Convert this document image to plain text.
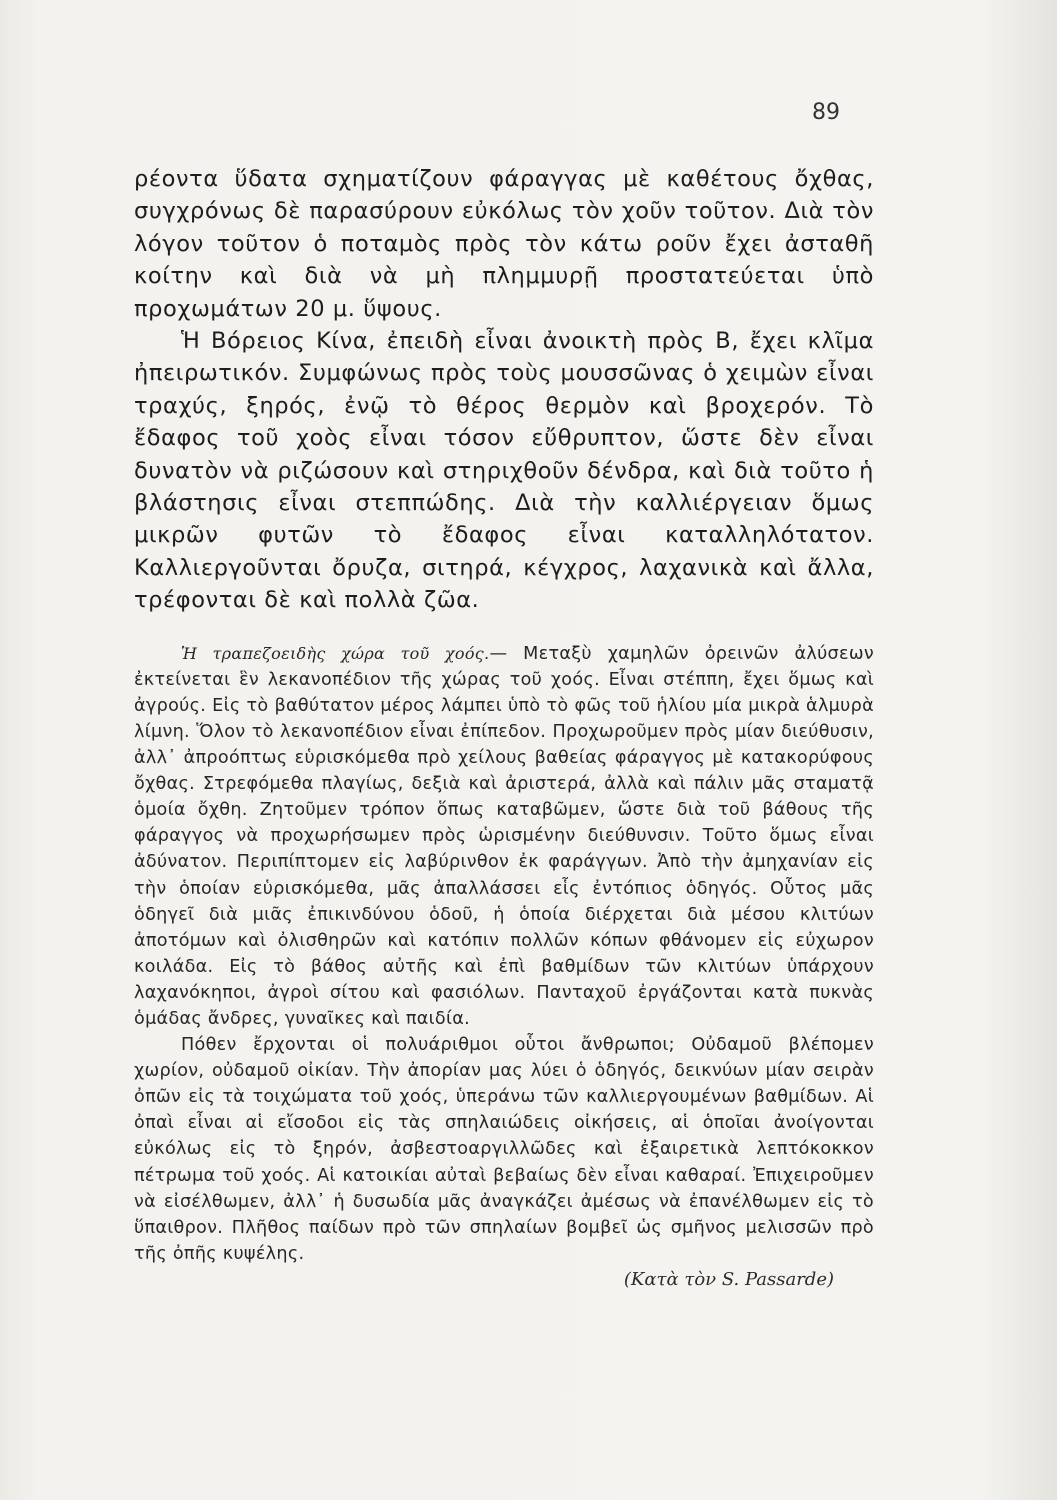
89

ρέοντα ὕδατα σχηματίζουν φάραγγας μὲ καθέτους ὄχθας, συγχρόνως δὲ παρασύρουν εὐκόλως τὸν χοῦν τοῦτον. Διὰ τὸν λόγον τοῦτον ὁ ποταμὸς πρὸς τὸν κάτω ροῦν ἔχει ἀσταθῆ κοίτην καὶ διὰ νὰ μὴ πλημμυρῇ προστατεύεται ὑπὸ προχωμάτων 20 μ. ὕψους.

Ἡ Βόρειος Κίνα, ἐπειδὴ εἶναι ἀνοικτὴ πρὸς Β, ἔχει κλῖμα ἠπειρωτικόν. Συμφώνως πρὸς τοὺς μουσσῶνας ὁ χειμὼν εἶναι τραχύς, ξηρός, ἐνῷ τὸ θέρος θερμὸν καὶ βροχερόν. Τὸ ἔδαφος τοῦ χοὸς εἶναι τόσον εὔθρυπτον, ὥστε δὲν εἶναι δυνατὸν νὰ ριζώσουν καὶ στηριχθοῦν δένδρα, καὶ διὰ τοῦτο ἡ βλάστησις εἶναι στεππώδης. Διὰ τὴν καλλιέργειαν ὅμως μικρῶν φυτῶν τὸ ἔδαφος εἶναι καταλληλότατον. Καλλιεργοῦνται ὄρυζα, σιτηρά, κέγχρος, λαχανικὰ καὶ ἄλλα, τρέφονται δὲ καὶ πολλὰ ζῶα.

Ἡ τραπεζοειδὴς χώρα τοῦ χοός.— Μεταξὺ χαμηλῶν ὀρεινῶν ἀλύσεων ἐκτείνεται ἓν λεκανοπέδιον τῆς χώρας τοῦ χοός. Εἶναι στέππη, ἔχει ὅμως καὶ ἀγρούς. Εἰς τὸ βαθύτατον μέρος λάμπει ὑπὸ τὸ φῶς τοῦ ἡλίου μία μικρὰ ἁλμυρὰ λίμνη. Ὅλον τὸ λεκανοπέδιον εἶναι ἐπίπεδον. Προχωροῦμεν πρὸς μίαν διεύθυσιν, ἀλλ᾽ ἀπροόπτως εὑρισκόμεθα πρὸ χείλους βαθείας φάραγγος μὲ κατακορύφους ὄχθας. Στρεφόμεθα πλαγίως, δεξιὰ καὶ ἀριστερά, ἀλλὰ καὶ πάλιν μᾶς σταματᾷ ὁμοία ὄχθη. Ζητοῦμεν τρόπον ὅπως καταβῶμεν, ὥστε διὰ τοῦ βάθους τῆς φάραγγος νὰ προχωρήσωμεν πρὸς ὡρισμένην διεύθυνσιν. Τοῦτο ὅμως εἶναι ἀδύνατον. Περιπίπτομεν εἰς λαβύρινθον ἐκ φαράγγων. Ἀπὸ τὴν ἀμηχανίαν εἰς τὴν ὁποίαν εὑρισκόμεθα, μᾶς ἀπαλλάσσει εἷς ἐντόπιος ὁδηγός. Οὗτος μᾶς ὁδηγεῖ διὰ μιᾶς ἐπικινδύνου ὁδοῦ, ἡ ὁποία διέρχεται διὰ μέσου κλιτύων ἀποτόμων καὶ ὀλισθηρῶν καὶ κατόπιν πολλῶν κόπων φθάνομεν εἰς εὐχωρον κοιλάδα. Εἰς τὸ βάθος αὐτῆς καὶ ἐπὶ βαθμίδων τῶν κλιτύων ὑπάρχουν λαχανόκηποι, ἀγροὶ σίτου καὶ φασιόλων. Πανταχοῦ ἐργάζονται κατὰ πυκνὰς ὁμάδας ἄνδρες, γυναῖκες καὶ παιδία.

Πόθεν ἔρχονται οἱ πολυάριθμοι οὗτοι ἄνθρωποι; Οὐδαμοῦ βλέπομεν χωρίον, οὐδαμοῦ οἰκίαν. Τὴν ἀπορίαν μας λύει ὁ ὁδηγός, δεικνύων μίαν σειρὰν ὀπῶν εἰς τὰ τοιχώματα τοῦ χοός, ὑπεράνω τῶν καλλιεργουμένων βαθμίδων. Αἱ ὀπαὶ εἶναι αἱ εἴσοδοι εἰς τὰς σπηλαιώδεις οἰκήσεις, αἱ ὁποῖαι ἀνοίγονται εὐκόλως εἰς τὸ ξηρόν, ἀσβεστοαργιλλῶδες καὶ ἐξαιρετικὰ λεπτόκοκκον πέτρωμα τοῦ χοός. Αἱ κατοικίαι αὐταὶ βεβαίως δὲν εἶναι καθαραί. Ἐπιχειροῦμεν νὰ εἰσέλθωμεν, ἀλλ᾽ ἡ δυσωδία μᾶς ἀναγκάζει ἀμέσως νὰ ἐπανέλθωμεν εἰς τὸ ὕπαιθρον. Πλῆθος παίδων πρὸ τῶν σπηλαίων βομβεῖ ὡς σμῆνος μελισσῶν πρὸ τῆς ὀπῆς κυψέλης.

(Κατὰ τὸν S. Passarde)
